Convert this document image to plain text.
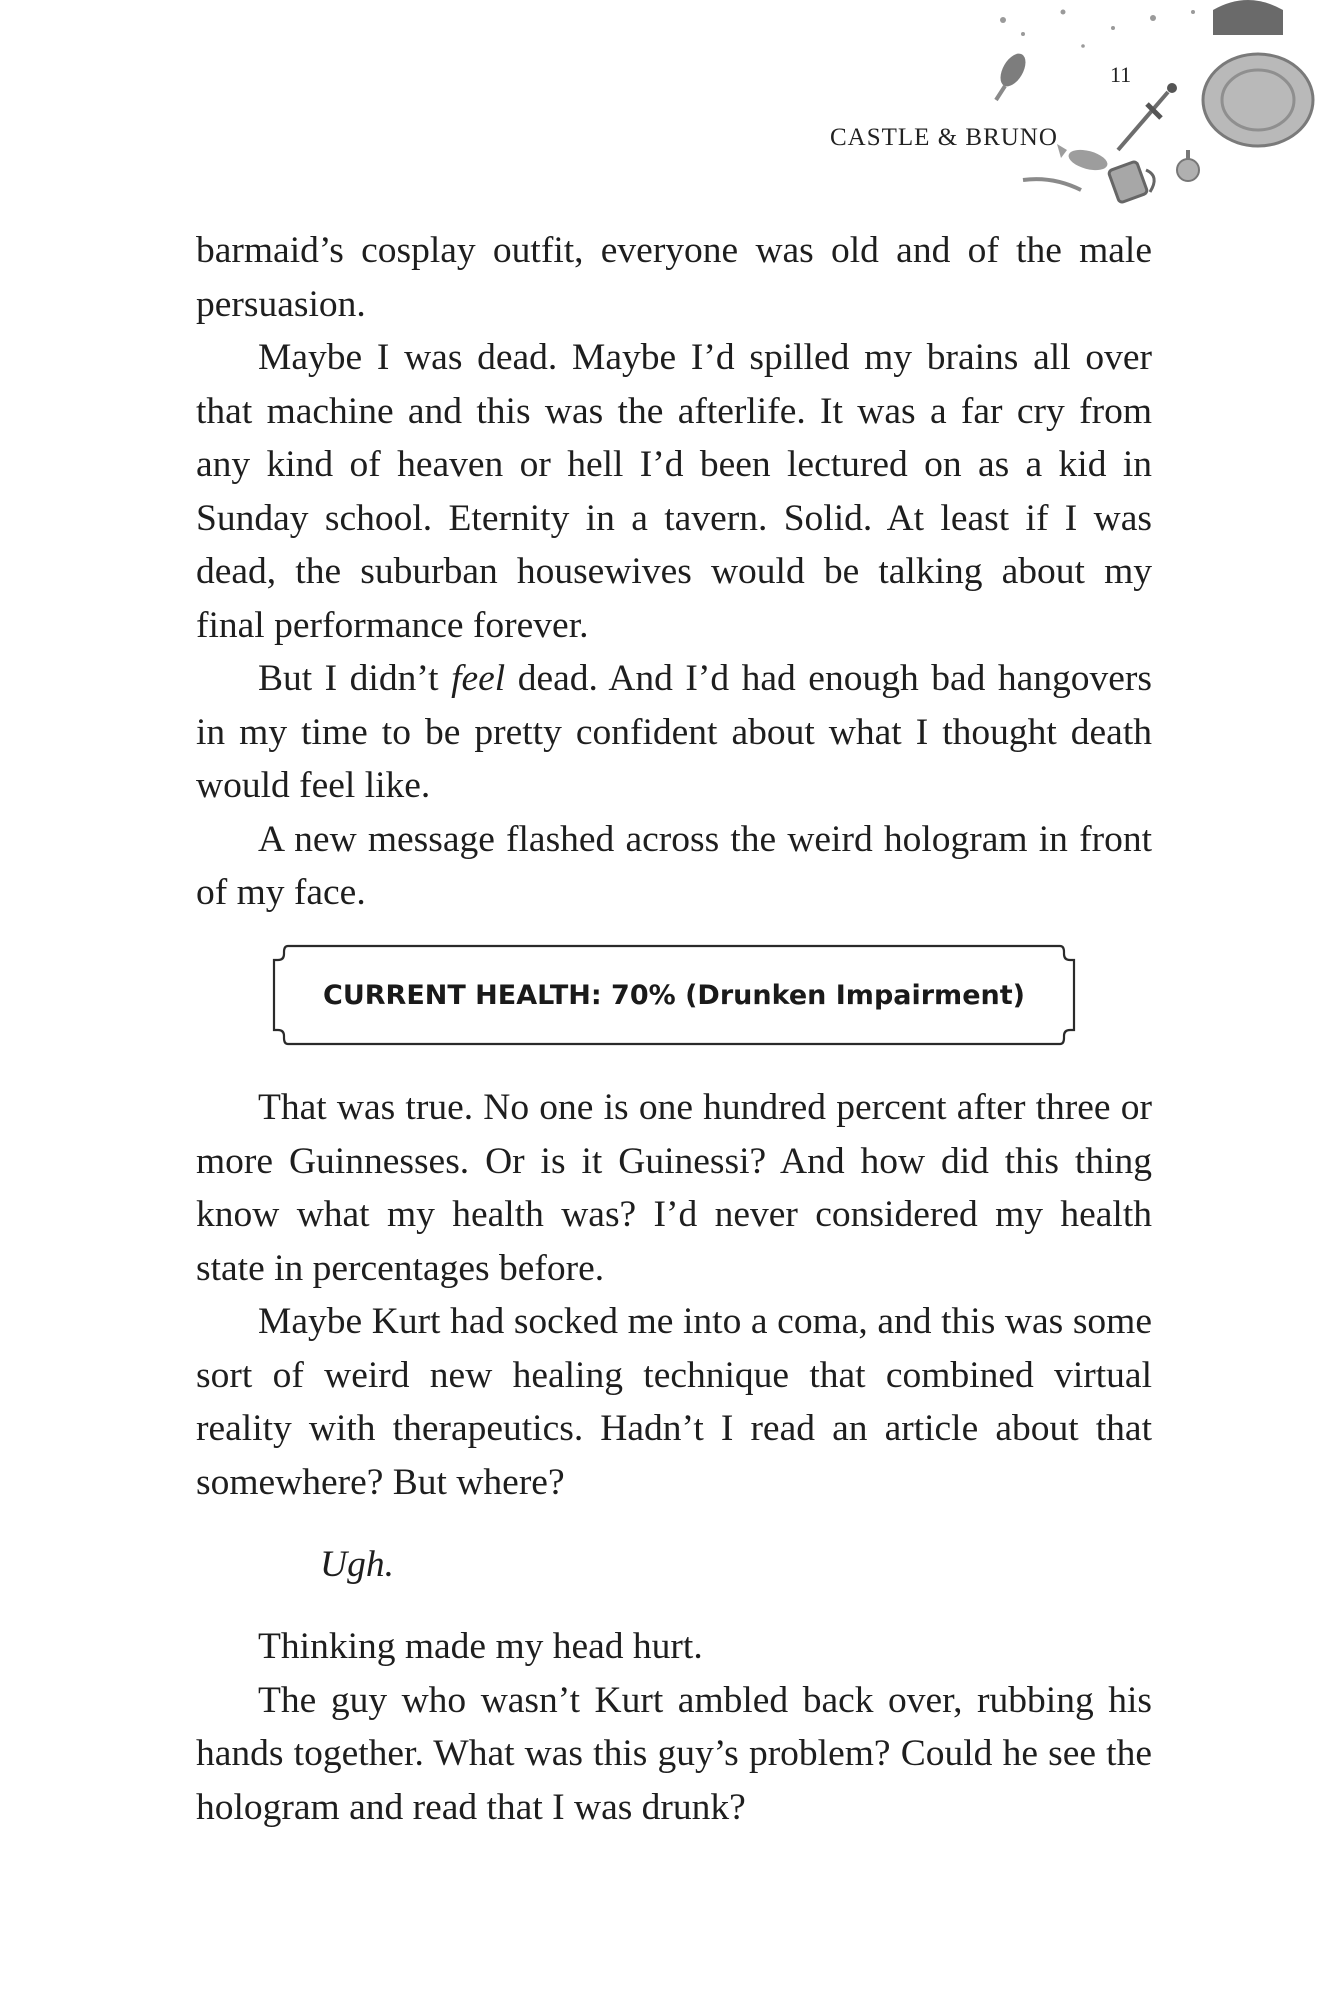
11
CASTLE & BRUNO

barmaid’s cosplay outfit, everyone was old and of the male persuasion.

Maybe I was dead. Maybe I’d spilled my brains all over that machine and this was the afterlife. It was a far cry from any kind of heaven or hell I’d been lectured on as a kid in Sunday school. Eternity in a tavern. Solid. At least if I was dead, the suburban housewives would be talking about my final performance forever.

But I didn’t feel dead. And I’d had enough bad hangovers in my time to be pretty confident about what I thought death would feel like.

A new message flashed across the weird hologram in front of my face.

CURRENT HEALTH: 70% (Drunken Impairment)

That was true. No one is one hundred percent after three or more Guinnesses. Or is it Guinessi? And how did this thing know what my health was? I’d never considered my health state in percentages before.

Maybe Kurt had socked me into a coma, and this was some sort of weird new healing technique that combined virtual reality with therapeutics. Hadn’t I read an article about that somewhere? But where?

Ugh.

Thinking made my head hurt.

The guy who wasn’t Kurt ambled back over, rubbing his hands together. What was this guy’s problem? Could he see the hologram and read that I was drunk?
